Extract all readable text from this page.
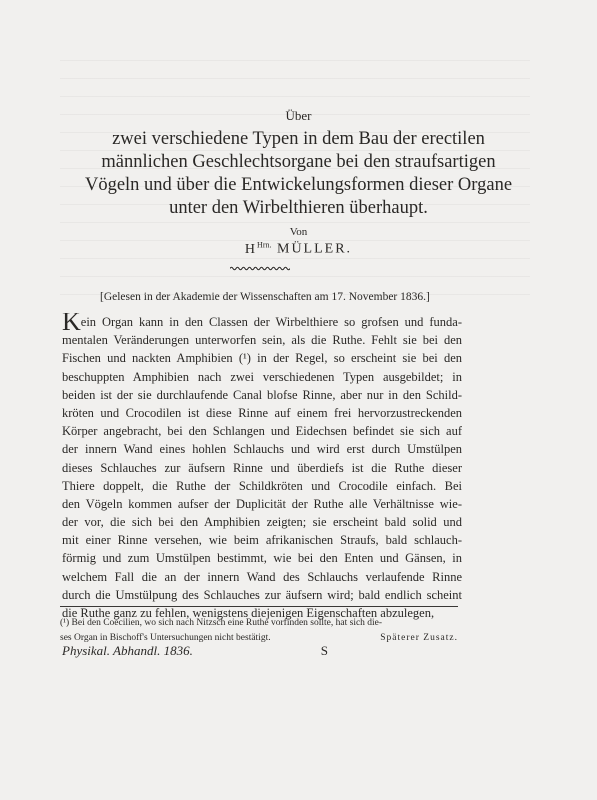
Über
zwei verschiedene Typen in dem Bau der erectilen
männlichen Geschlechtsorgane bei den straufsartigen
Vögeln und über die Entwickelungsformen dieser Organe
unter den Wirbelthieren überhaupt.
Von
$H^{Hrn.}$ MÜLLER.
[Gelesen in der Akademie der Wissenschaften am 17. November 1836.]
Kein Organ kann in den Classen der Wirbelthiere so grofsen und funda-
mentalen Veränderungen unterworfen sein, als die Ruthe. Fehlt sie bei den
Fischen und nackten Amphibien (¹) in der Regel, so erscheint sie bei den
beschuppten Amphibien nach zwei verschiedenen Typen ausgebildet; in
beiden ist der sie durchlaufende Canal blofse Rinne, aber nur in den Schild-
kröten und Crocodilen ist diese Rinne auf einem frei hervorzustreckenden
Körper angebracht, bei den Schlangen und Eidechsen befindet sie sich auf
der innern Wand eines hohlen Schlauchs und wird erst durch Umstülpen
dieses Schlauches zur äufsern Rinne und überdiefs ist die Ruthe dieser
Thiere doppelt, die Ruthe der Schildkröten und Crocodile einfach. Bei
den Vögeln kommen aufser der Duplicität der Ruthe alle Verhältnisse wie-
der vor, die sich bei den Amphibien zeigten; sie erscheint bald solid und
mit einer Rinne versehen, wie beim afrikanischen Straufs, bald schlauch-
förmig und zum Umstülpen bestimmt, wie bei den Enten und Gänsen, in
welchem Fall die an der innern Wand des Schlauchs verlaufende Rinne
durch die Umstülpung des Schlauches zur äufsern wird; bald endlich scheint
die Ruthe ganz zu fehlen, wenigstens diejenigen Eigenschaften abzulegen,
(¹) Bei den Coecilien, wo sich nach Nitzsch eine Ruthe vorfinden sollte, hat sich die-
ses Organ in Bischoff's Untersuchungen nicht bestätigt.	Späterer Zusatz.
Physikal. Abhandl. 1836.	S
